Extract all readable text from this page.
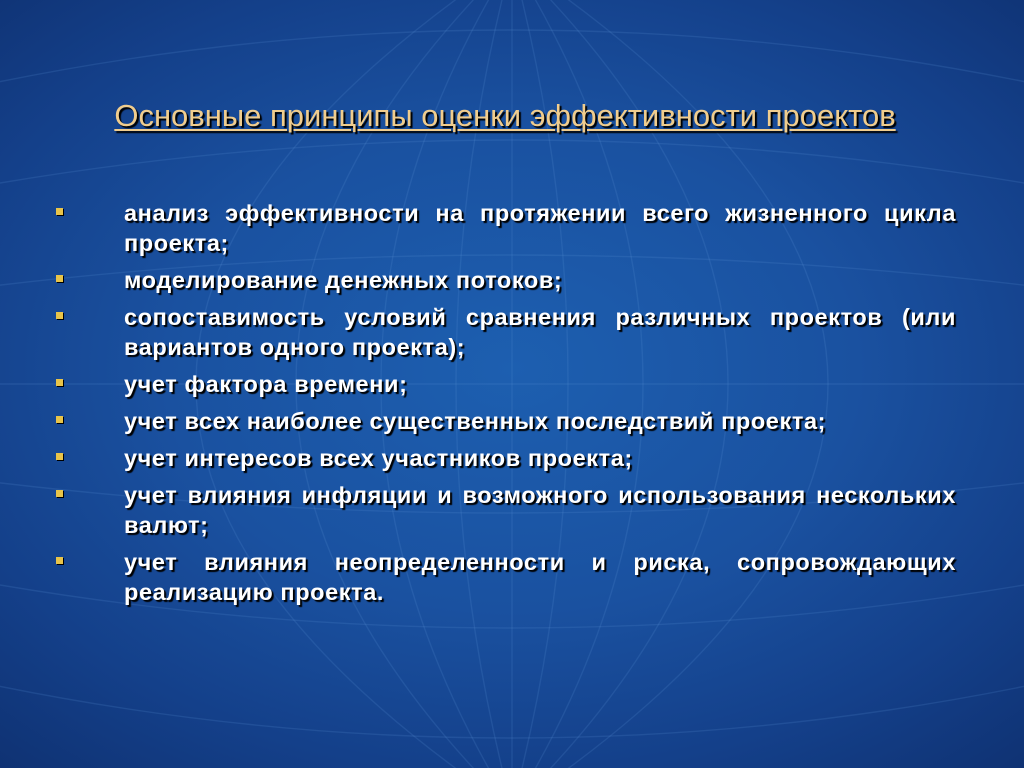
Основные принципы оценки эффективности проектов
анализ эффективности на протяжении всего жизненного цикла проекта;
моделирование денежных потоков;
сопоставимость условий сравнения различных проектов (или вариантов одного проекта);
учет фактора времени;
учет всех наиболее существенных последствий проекта;
учет интересов всех участников проекта;
учет влияния инфляции и возможного использования нескольких валют;
учет влияния неопределенности и риска, сопровождающих реализацию проекта.
